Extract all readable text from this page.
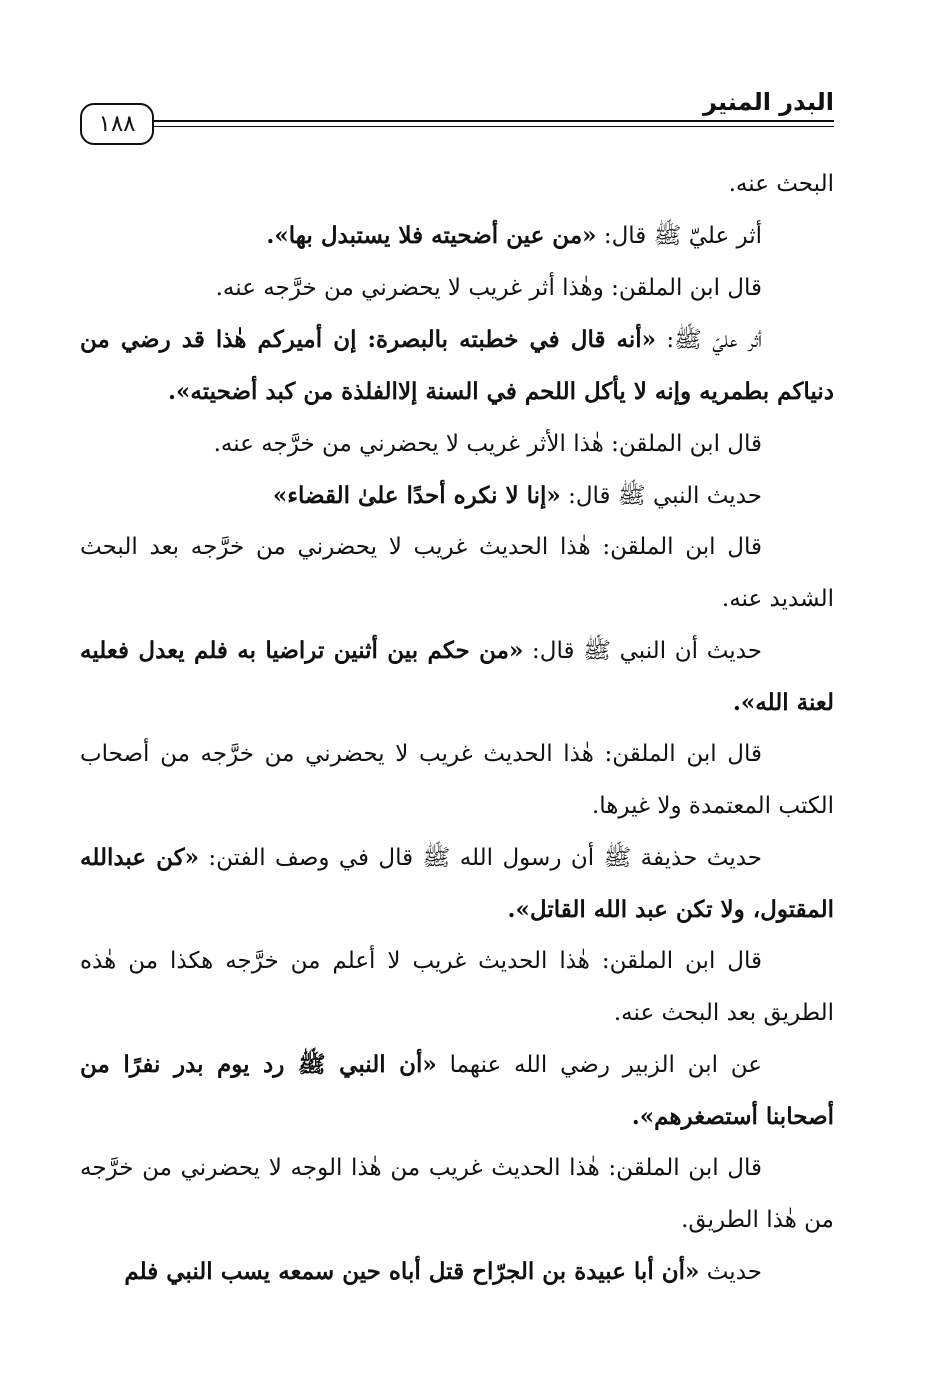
البدر المنير
١٨٨

البحث عنه.

أثر عليّ ﷺ قال: «من عين أضحيته فلا يستبدل بها».

قال ابن الملقن: وهٰذا أثر غريب لا يحضرني من خرَّجه عنه.

أثر عليّ ﷺ: «أنه قال في خطبته بالبصرة: إن أميركم هٰذا قد رضي من دنياكم بطمريه وإنه لا يأكل اللحم في السنة إلاالفلذة من كبد أضحيته».

قال ابن الملقن: هٰذا الأثر غريب لا يحضرني من خرَّجه عنه.

حديث النبي ﷺ قال: «إنا لا نكره أحدًا علىٰ القضاء»

قال ابن الملقن: هٰذا الحديث غريب لا يحضرني من خرَّجه بعد البحث الشديد عنه.

حديث أن النبي ﷺ قال: «من حكم بين أثنين تراضيا به فلم يعدل فعليه لعنة الله».

قال ابن الملقن: هٰذا الحديث غريب لا يحضرني من خرَّجه من أصحاب الكتب المعتمدة ولا غيرها.

حديث حذيفة ﷺ أن رسول الله ﷺ قال في وصف الفتن: «كن عبدالله المقتول، ولا تكن عبد الله القاتل».

قال ابن الملقن: هٰذا الحديث غريب لا أعلم من خرَّجه هكذا من هٰذه الطريق بعد البحث عنه.

عن ابن الزبير رضي الله عنهما «أن النبي ﷺ رد يوم بدر نفرًا من أصحابنا أستصغرهم».

قال ابن الملقن: هٰذا الحديث غريب من هٰذا الوجه لا يحضرني من خرَّجه من هٰذا الطريق.

حديث «أن أبا عبيدة بن الجرّاح قتل أباه حين سمعه يسب النبي فلم
